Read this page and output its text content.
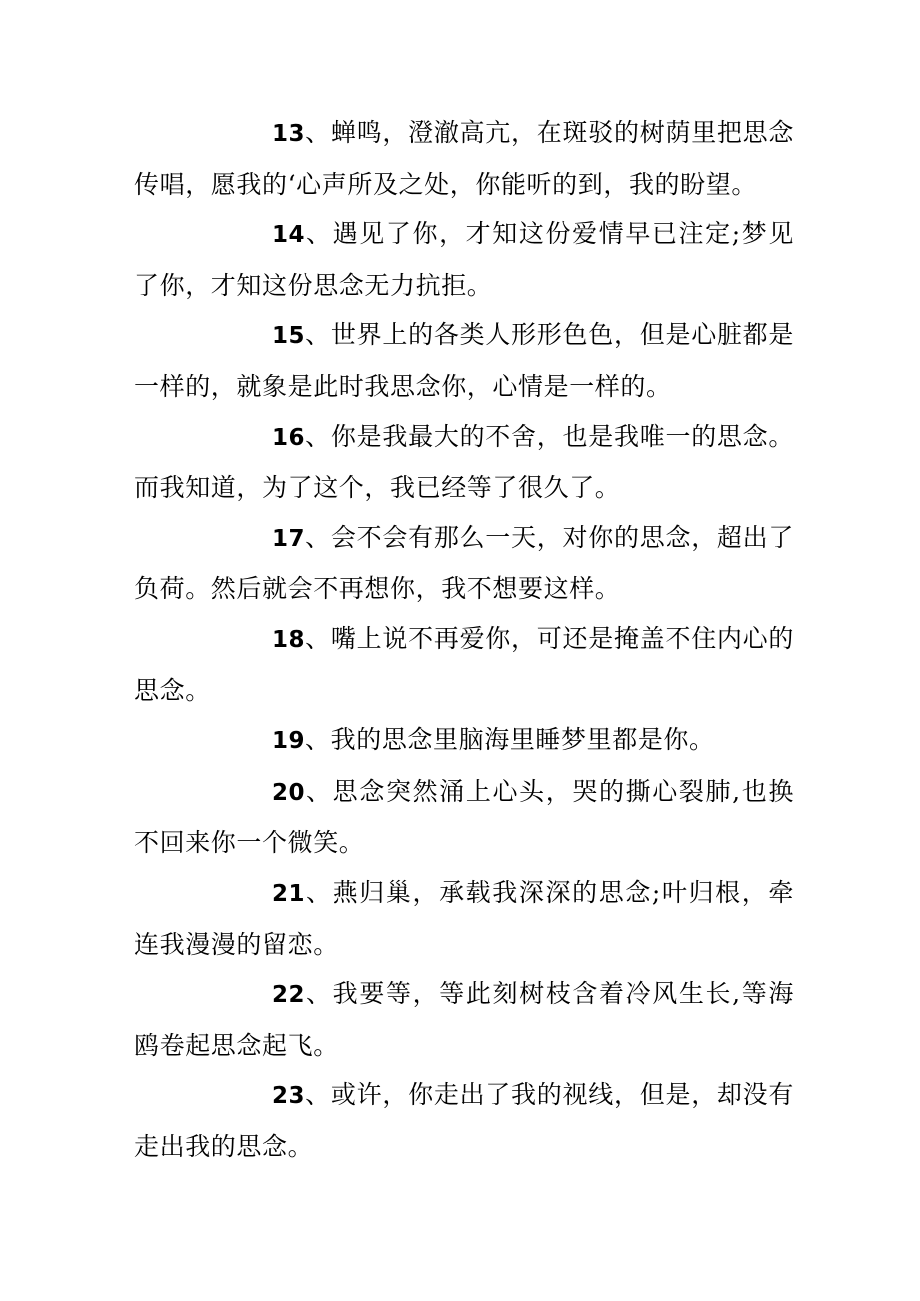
13、蝉鸣，澄澈高亢，在斑驳的树荫里把思念传唱，愿我的‘心声所及之处，你能听的到，我的盼望。

14、遇见了你，才知这份爱情早已注定;梦见了你，才知这份思念无力抗拒。

15、世界上的各类人形形色色，但是心脏都是一样的，就象是此时我思念你，心情是一样的。

16、你是我最大的不舍，也是我唯一的思念。而我知道，为了这个，我已经等了很久了。

17、会不会有那么一天，对你的思念，超出了负荷。然后就会不再想你，我不想要这样。

18、嘴上说不再爱你，可还是掩盖不住内心的思念。

19、我的思念里脑海里睡梦里都是你。

20、思念突然涌上心头，哭的撕心裂肺,也换不回来你一个微笑。

21、燕归巢，承载我深深的思念;叶归根，牵连我漫漫的留恋。

22、我要等，等此刻树枝含着冷风生长,等海鸥卷起思念起飞。

23、或许，你走出了我的视线，但是，却没有走出我的思念。
